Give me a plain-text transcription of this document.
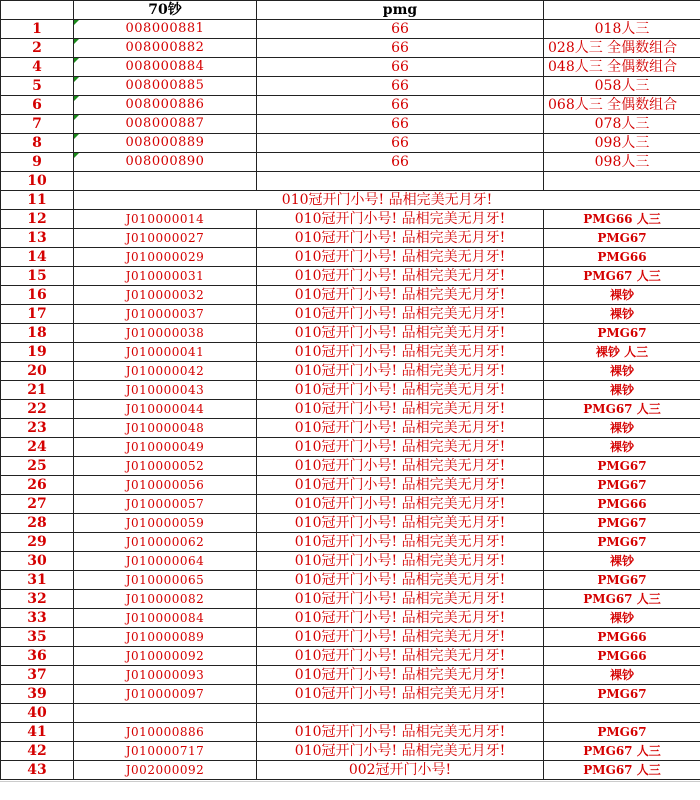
	70钞	pmg	
1	008000881	66	018人三
2	008000882	66	028人三 全偶数组合
4	008000884	66	048人三 全偶数组合
5	008000885	66	058人三
6	008000886	66	068人三 全偶数组合
7	008000887	66	078人三
8	008000889	66	098人三
9	008000890	66	098人三
10			
11	010冠开门小号! 品相完美无月牙!		
12	J010000014	010冠开门小号! 品相完美无月牙!	PMG66 人三
13	J010000027	010冠开门小号! 品相完美无月牙!	PMG67
14	J010000029	010冠开门小号! 品相完美无月牙!	PMG66
15	J010000031	010冠开门小号! 品相完美无月牙!	PMG67 人三
16	J010000032	010冠开门小号! 品相完美无月牙!	裸钞
17	J010000037	010冠开门小号! 品相完美无月牙!	裸钞
18	J010000038	010冠开门小号! 品相完美无月牙!	PMG67
19	J010000041	010冠开门小号! 品相完美无月牙!	裸钞 人三
20	J010000042	010冠开门小号! 品相完美无月牙!	裸钞
21	J010000043	010冠开门小号! 品相完美无月牙!	裸钞
22	J010000044	010冠开门小号! 品相完美无月牙!	PMG67 人三
23	J010000048	010冠开门小号! 品相完美无月牙!	裸钞
24	J010000049	010冠开门小号! 品相完美无月牙!	裸钞
25	J010000052	010冠开门小号! 品相完美无月牙!	PMG67
26	J010000056	010冠开门小号! 品相完美无月牙!	PMG67
27	J010000057	010冠开门小号! 品相完美无月牙!	PMG66
28	J010000059	010冠开门小号! 品相完美无月牙!	PMG67
29	J010000062	010冠开门小号! 品相完美无月牙!	PMG67
30	J010000064	010冠开门小号! 品相完美无月牙!	裸钞
31	J010000065	010冠开门小号! 品相完美无月牙!	PMG67
32	J010000082	010冠开门小号! 品相完美无月牙!	PMG67 人三
33	J010000084	010冠开门小号! 品相完美无月牙!	裸钞
35	J010000089	010冠开门小号! 品相完美无月牙!	PMG66
36	J010000092	010冠开门小号! 品相完美无月牙!	PMG66
37	J010000093	010冠开门小号! 品相完美无月牙!	裸钞
39	J010000097	010冠开门小号! 品相完美无月牙!	PMG67
40			
41	J010000886	010冠开门小号! 品相完美无月牙!	PMG67
42	J010000717	010冠开门小号! 品相完美无月牙!	PMG67 人三
43	J002000092	002冠开门小号!	PMG67 人三
